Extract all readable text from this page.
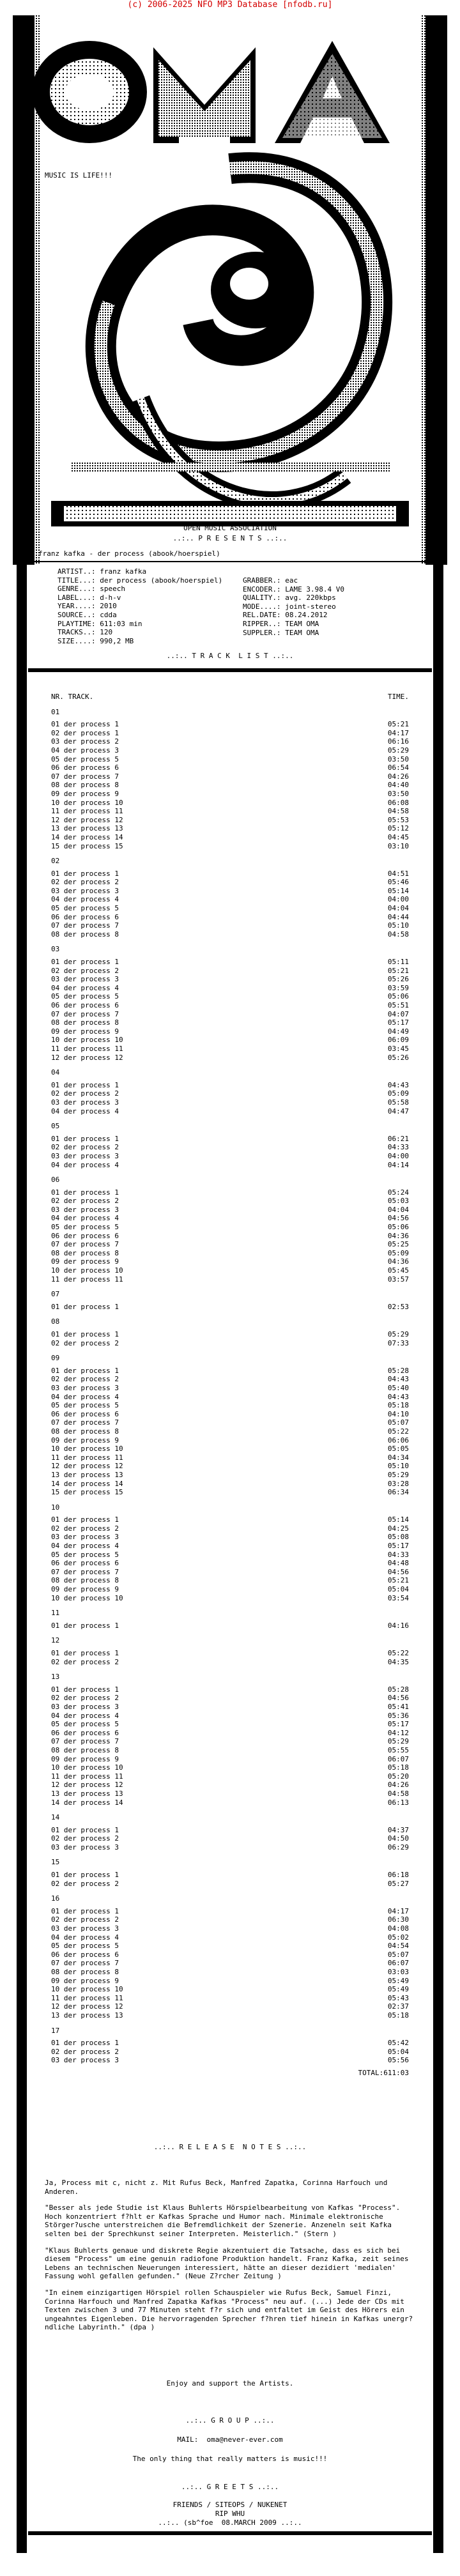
(c) 2006-2025 NFO MP3 Database [nfodb.ru]
MUSIC IS LIFE!!!
OPEN MUSIC ASSOCIATION
..:.. P R E S E N T S ..:..
franz kafka - der process (abook/hoerspiel)
ARTIST..: franz kafka
TITLE...: der process (abook/hoerspiel)
GENRE...: speech
LABEL...: d-h-v
YEAR....: 2010
SOURCE..: cdda
PLAYTIME: 611:03 min
TRACKS..: 120
SIZE....: 990,2 MB
GRABBER.: eac
ENCODER.: LAME 3.98.4 V0
QUALITY.: avg. 220kbps
MODE....: joint-stereo
REL.DATE: 08.24.2012
RIPPER..: TEAM OMA
SUPPLER.: TEAM OMA
..:.. T R A C K  L I S T ..:..
NR. TRACK.	TIME.
01
01 der process 1	05:21
02 der process 1	04:17
03 der process 2	06:16
04 der process 3	05:29
05 der process 5	03:50
06 der process 6	06:54
07 der process 7	04:26
08 der process 8	04:40
09 der process 9	03:50
10 der process 10	06:08
11 der process 11	04:58
12 der process 12	05:53
13 der process 13	05:12
14 der process 14	04:45
15 der process 15	03:10
02
01 der process 1	04:51
02 der process 2	05:46
03 der process 3	05:14
04 der process 4	04:00
05 der process 5	04:04
06 der process 6	04:44
07 der process 7	05:10
08 der process 8	04:58
03
01 der process 1	05:11
02 der process 2	05:21
03 der process 3	05:26
04 der process 4	03:59
05 der process 5	05:06
06 der process 6	05:51
07 der process 7	04:07
08 der process 8	05:17
09 der process 9	04:49
10 der process 10	06:09
11 der process 11	03:45
12 der process 12	05:26
04
01 der process 1	04:43
02 der process 2	05:09
03 der process 3	05:58
04 der process 4	04:47
05
01 der process 1	06:21
02 der process 2	04:33
03 der process 3	04:00
04 der process 4	04:14
06
01 der process 1	05:24
02 der process 2	05:03
03 der process 3	04:04
04 der process 4	04:56
05 der process 5	05:06
06 der process 6	04:36
07 der process 7	05:25
08 der process 8	05:09
09 der process 9	04:36
10 der process 10	05:45
11 der process 11	03:57
07
01 der process 1	02:53
08
01 der process 1	05:29
02 der process 2	07:33
09
01 der process 1	05:28
02 der process 2	04:43
03 der process 3	05:40
04 der process 4	04:43
05 der process 5	05:18
06 der process 6	04:10
07 der process 7	05:07
08 der process 8	05:22
09 der process 9	06:06
10 der process 10	05:05
11 der process 11	04:34
12 der process 12	05:10
13 der process 13	05:29
14 der process 14	03:28
15 der process 15	06:34
10
01 der process 1	05:14
02 der process 2	04:25
03 der process 3	05:08
04 der process 4	05:17
05 der process 5	04:33
06 der process 6	04:48
07 der process 7	04:56
08 der process 8	05:21
09 der process 9	05:04
10 der process 10	03:54
11
01 der process 1	04:16
12
01 der process 1	05:22
02 der process 2	04:35
13
01 der process 1	05:28
02 der process 2	04:56
03 der process 3	05:41
04 der process 4	05:36
05 der process 5	05:17
06 der process 6	04:12
07 der process 7	05:29
08 der process 8	05:55
09 der process 9	06:07
10 der process 10	05:18
11 der process 11	05:20
12 der process 12	04:26
13 der process 13	04:58
14 der process 14	06:13
14
01 der process 1	04:37
02 der process 2	04:50
03 der process 3	06:29
15
01 der process 1	06:18
02 der process 2	05:27
16
01 der process 1	04:17
02 der process 2	06:30
03 der process 3	04:08
04 der process 4	05:02
05 der process 5	04:54
06 der process 6	05:07
07 der process 7	06:07
08 der process 8	03:03
09 der process 9	05:49
10 der process 10	05:49
11 der process 11	05:43
12 der process 12	02:37
13 der process 13	05:18
17
01 der process 1	05:42
02 der process 2	05:04
03 der process 3	05:56
TOTAL:611:03
..:.. R E L E A S E  N O T E S ..:..
Ja, Process mit c, nicht z. Mit Rufus Beck, Manfred Zapatka, Corinna Harfouch und Anderen.
"Besser als jede Studie ist Klaus Buhlerts Hörspielbearbeitung von Kafkas "Process". Hoch konzentriert f?hlt er Kafkas Sprache und Humor nach. Minimale elektronische Störger?usche unterstreichen die Befremdlichkeit der Szenerie. Anzeneln seit Kafka selten bei der Sprechkunst seiner Interpreten. Meisterlich." (Stern )
"Klaus Buhlerts genaue und diskrete Regie akzentuiert die Tatsache, dass es sich bei diesem "Process" um eine genuin radiofone Produktion handelt. Franz Kafka, zeit seines Lebens an technischen Neuerungen interessiert, hätte an dieser dezidiert 'medialen' Fassung wohl gefallen gefunden." (Neue Z?rcher Zeitung )
"In einem einzigartigen Hörspiel rollen Schauspieler wie Rufus Beck, Samuel Finzi, Corinna Harfouch und Manfred Zapatka Kafkas "Process" neu auf. (...) Jede der CDs mit Texten zwischen 3 und 77 Minuten steht f?r sich und entfaltet im Geist des Hörers ein ungeahntes Eigenleben. Die hervorragenden Sprecher f?hren tief hinein in Kafkas unergr?ndliche Labyrinth." (dpa )
Enjoy and support the Artists.
..:.. G R O U P ..:..
MAIL:  oma@never-ever.com
The only thing that really matters is music!!!
..:.. G R E E T S ..:..
FRIENDS / SITEOPS / NUKENET
RIP WHU
..:.. (sb^foe  08.MARCH 2009 ..:..
